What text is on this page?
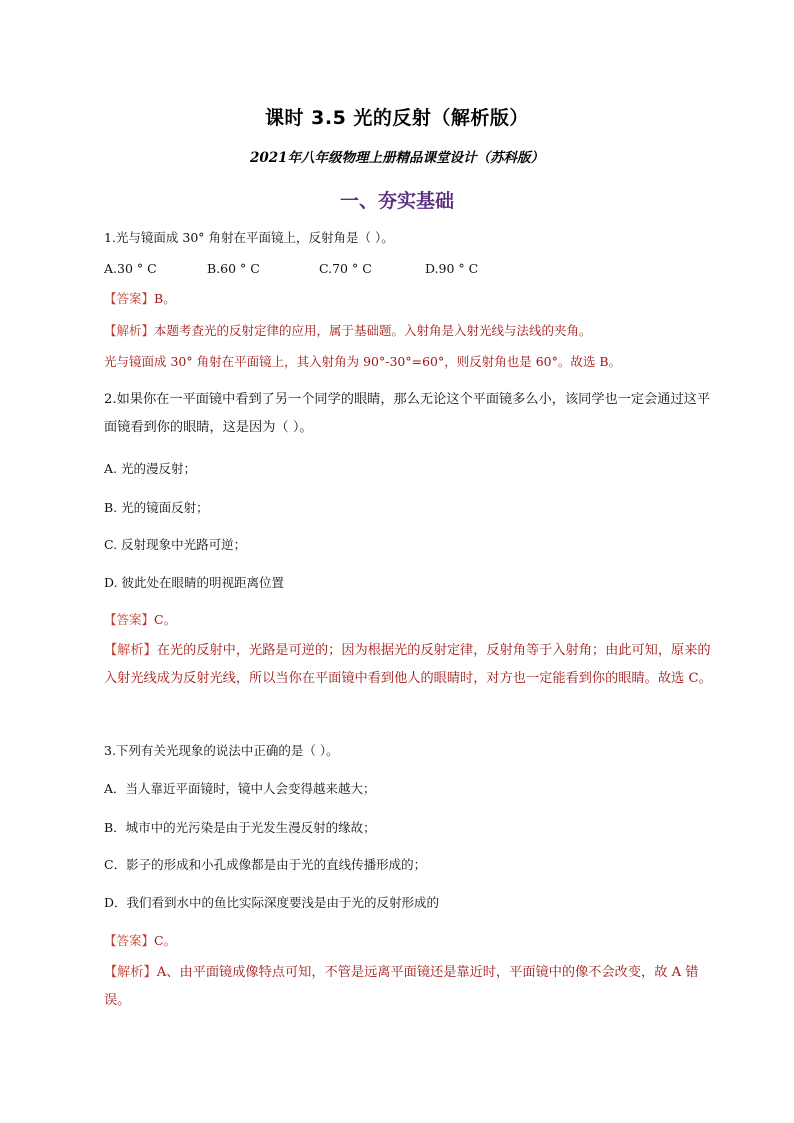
课时 3.5 光的反射（解析版）
2021年八年级物理上册精品课堂设计（苏科版）
一、夯实基础
1.光与镜面成 30° 角射在平面镜上，反射角是（ ）。
A.30 ° C	B.60 ° C	C.70 ° C	D.90 ° C
【答案】B。
【解析】本题考查光的反射定律的应用，属于基础题。入射角是入射光线与法线的夹角。
光与镜面成 30° 角射在平面镜上，其入射角为 90°-30°=60°，则反射角也是 60°。故选 B。
2.如果你在一平面镜中看到了另一个同学的眼睛，那么无论这个平面镜多么小，该同学也一定会通过这平面镜看到你的眼睛，这是因为（ ）。
A. 光的漫反射；
B. 光的镜面反射；
C. 反射现象中光路可逆；
D. 彼此处在眼睛的明视距离位置
【答案】C。
【解析】在光的反射中，光路是可逆的；因为根据光的反射定律，反射角等于入射角；由此可知，原来的入射光线成为反射光线，所以当你在平面镜中看到他人的眼睛时，对方也一定能看到你的眼睛。故选 C。
3.下列有关光现象的说法中正确的是（ ）。
A．当人靠近平面镜时，镜中人会变得越来越大；
B．城市中的光污染是由于光发生漫反射的缘故；
C．影子的形成和小孔成像都是由于光的直线传播形成的；
D．我们看到水中的鱼比实际深度要浅是由于光的反射形成的
【答案】C。
【解析】A、由平面镜成像特点可知，不管是远离平面镜还是靠近时，平面镜中的像不会改变，故 A 错误。
